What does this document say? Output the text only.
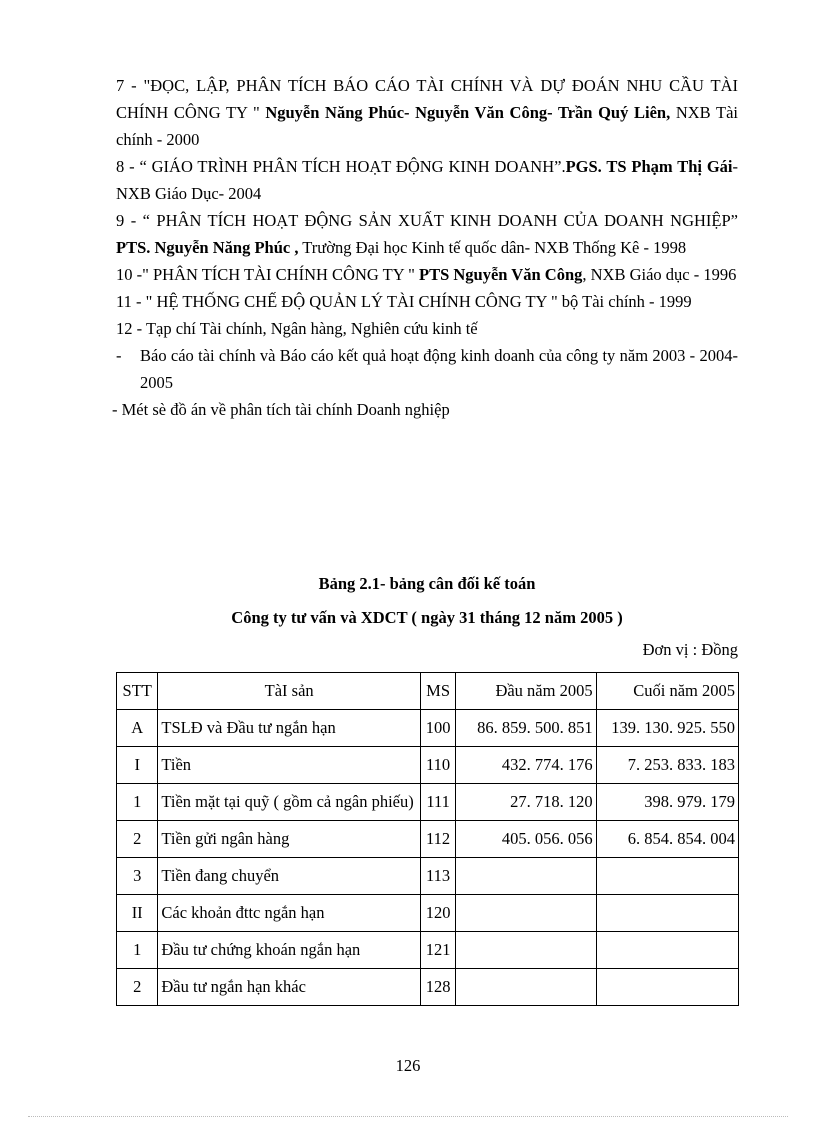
7 - "ĐỌC, LẬP, PHÂN TÍCH BÁO CÁO TÀI CHÍNH VÀ DỰ ĐOÁN NHU CẦU TÀI CHÍNH CÔNG TY " Nguyễn Năng Phúc- Nguyễn Văn Công- Trần Quý Liên, NXB Tài chính - 2000

8 - “ GIÁO TRÌNH PHÂN TÍCH HOẠT ĐỘNG KINH DOANH”.PGS. TS Phạm Thị Gái- NXB Giáo Dục- 2004

9 - “ PHÂN TÍCH HOẠT ĐỘNG SẢN XUẤT KINH DOANH CỦA DOANH NGHIỆP” PTS. Nguyễn Năng Phúc , Trường Đại học Kinh tế quốc dân- NXB Thống Kê - 1998

10 -" PHÂN TÍCH TÀI CHÍNH CÔNG TY " PTS Nguyễn Văn Công, NXB Giáo dục - 1996

11 - " HỆ THỐNG CHẾ ĐỘ QUẢN LÝ TÀI CHÍNH CÔNG TY " bộ Tài chính - 1999

12 - Tạp chí Tài chính, Ngân hàng, Nghiên cứu kinh tế

- Báo cáo tài chính và Báo cáo kết quả hoạt động kinh doanh của công ty năm 2003 - 2004- 2005

- Mét sè đồ án về phân tích tài chính Doanh nghiệp

Bảng 2.1- bảng cân đối kế toán
Công ty tư vấn và XDCT ( ngày 31 tháng 12 năm 2005 )
Đơn vị : Đồng
STT	TàI sản	MS	Đầu năm 2005	Cuối năm 2005
A	TSLĐ và Đầu tư ngắn hạn	100	86. 859. 500. 851	139. 130. 925. 550
I	Tiền	110	432. 774. 176	7. 253. 833. 183
1	Tiền mặt tại quỹ ( gồm cả ngân phiếu)	111	27. 718. 120	398. 979. 179
2	Tiền gửi ngân hàng	112	405. 056. 056	6. 854. 854. 004
3	Tiền đang chuyển	113		
II	Các khoản đttc ngắn hạn	120		
1	Đầu tư chứng khoán ngắn hạn	121		
2	Đầu tư ngắn hạn khác	128		
126
